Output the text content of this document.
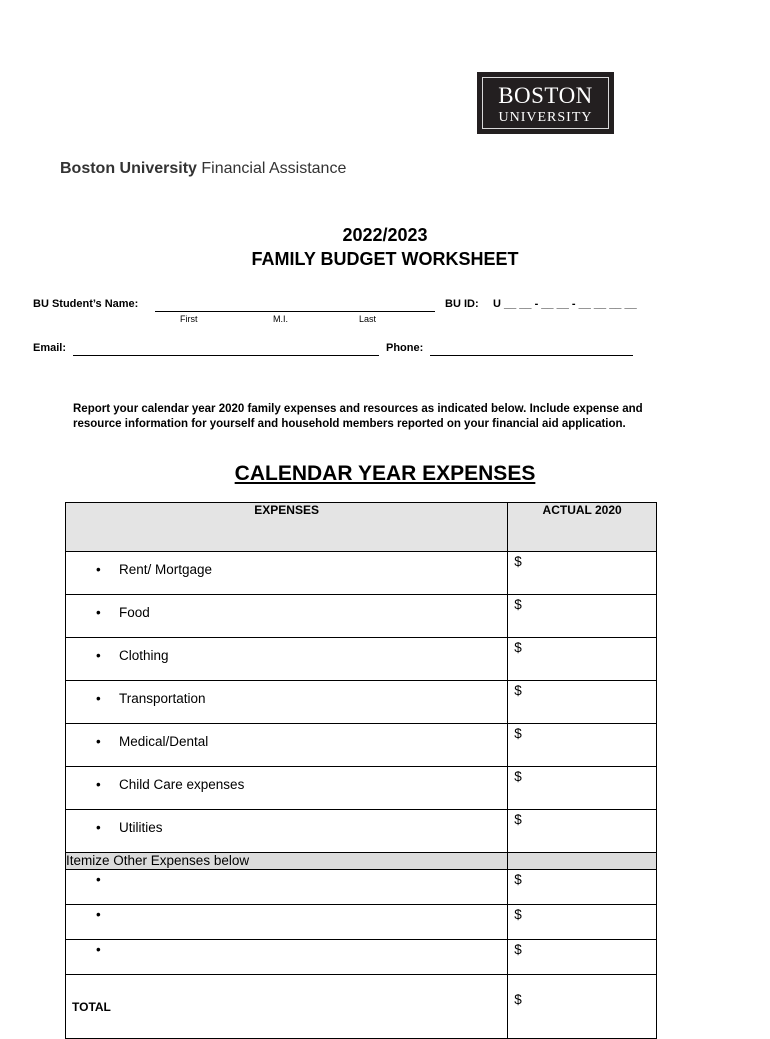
BOSTON
UNIVERSITY
Boston University Financial Assistance
2022/2023
FAMILY BUDGET WORKSHEET
BU Student’s Name:
First	M.I.	Last
BU ID: U __ __ - __ __ - __ __ __ __
Email:	Phone:
Report your calendar year 2020 family expenses and resources as indicated below. Include expense and resource information for yourself and household members reported on your financial aid application.
CALENDAR YEAR EXPENSES
EXPENSES	ACTUAL 2020
• Rent/ Mortgage	$
• Food	$
• Clothing	$
• Transportation	$
• Medical/Dental	$
• Child Care expenses	$
• Utilities	$
Itemize Other Expenses below	
•	$
•	$
•	$
TOTAL	$
